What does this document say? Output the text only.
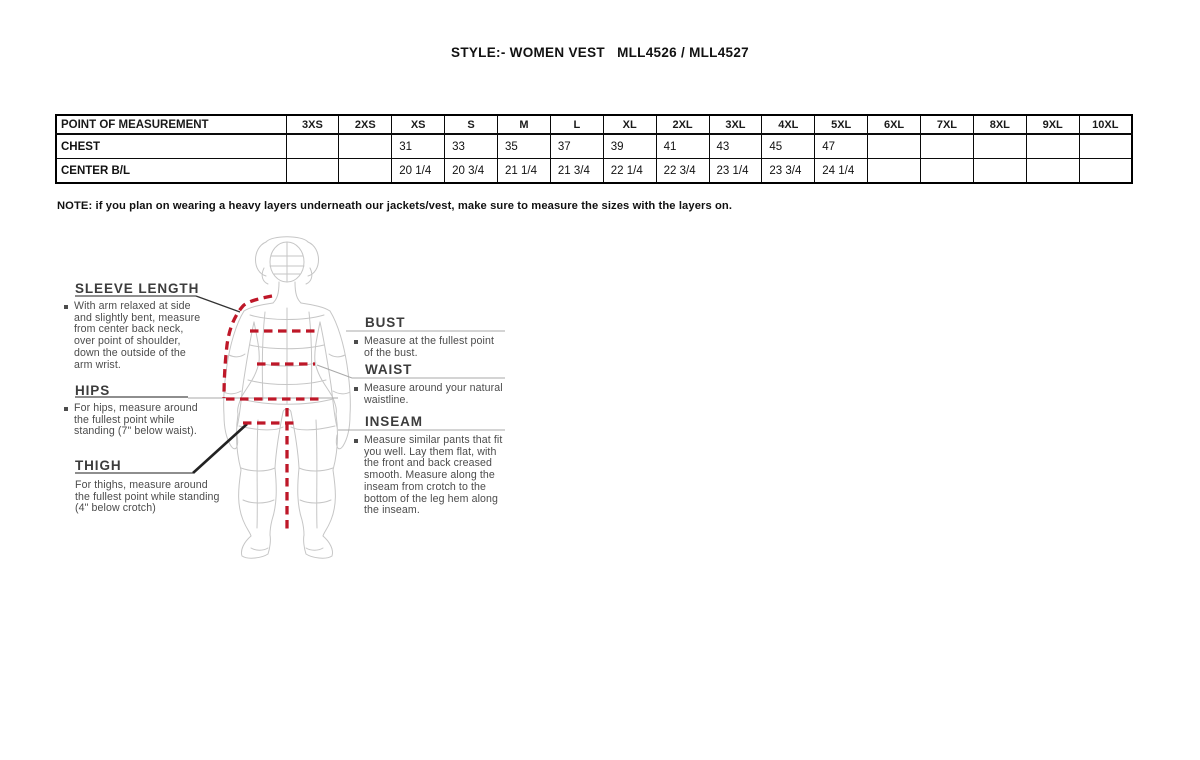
STYLE:- WOMEN VEST   MLL4526 / MLL4527
POINT OF MEASUREMENT	3XS	2XS	XS	S	M	L	XL	2XL	3XL	4XL	5XL	6XL	7XL	8XL	9XL	10XL
CHEST			31	33	35	37	39	41	43	45	47					
CENTER B/L			20 1/4	20 3/4	21 1/4	21 3/4	22 1/4	22 3/4	23 1/4	23 3/4	24 1/4					
NOTE: if you plan on wearing a heavy layers underneath our jackets/vest, make sure to measure the sizes with the layers on.
SLEEVE LENGTH
With arm relaxed at side and slightly bent, measure from center back neck, over point of shoulder, down the outside of the arm wrist.
HIPS
For hips, measure around the fullest point while standing (7" below waist).
THIGH
For thighs, measure around the fullest point while standing (4" below crotch)
BUST
Measure at the fullest point of the bust.
WAIST
Measure around your natural waistline.
INSEAM
Measure similar pants that fit you well. Lay them flat, with the front and back creased smooth. Measure along the inseam from crotch to the bottom of the leg hem along the inseam.
